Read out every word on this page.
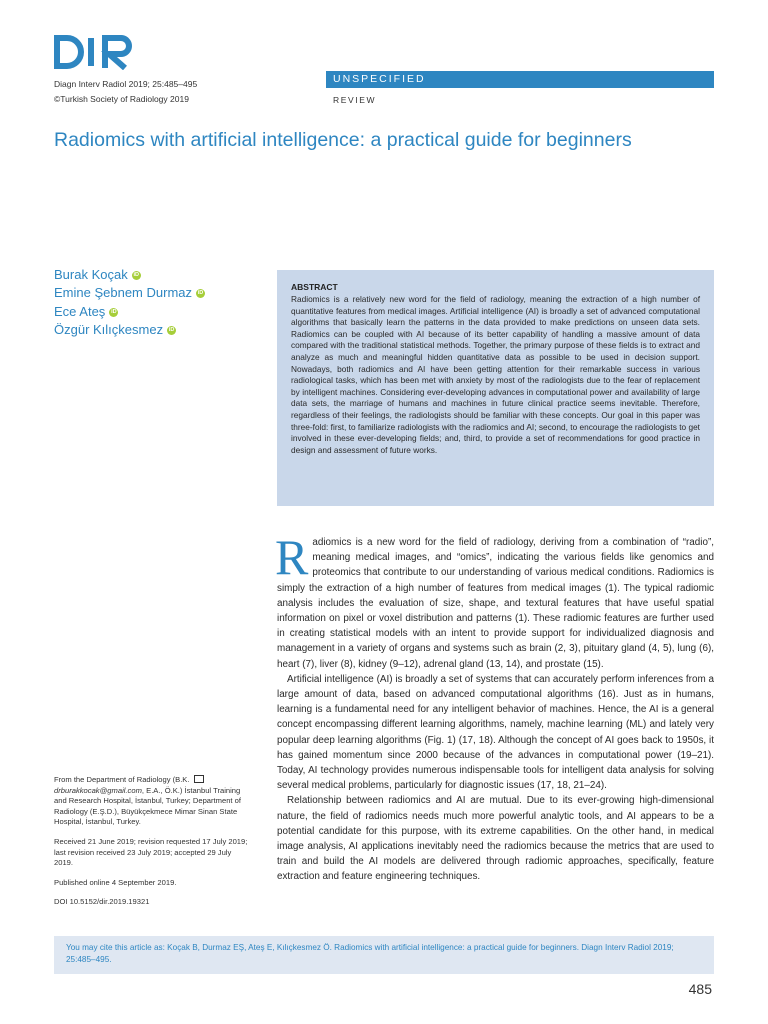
Diagn Interv Radiol 2019; 25:485–495
©Turkish Society of Radiology 2019
UNSPECIFIED
REVIEW
Radiomics with artificial intelligence: a practical guide for beginners
Burak Koçak	iD
Emine Şebnem Durmaz	iD
Ece Ateş	iD
Özgür Kılıçkesmez	iD
ABSTRACT

Radiomics is a relatively new word for the field of radiology, meaning the extraction of a high number of quantitative features from medical images. Artificial intelligence (AI) is broadly a set of advanced computational algorithms that basically learn the patterns in the data provided to make predictions on unseen data sets. Radiomics can be coupled with AI because of its better capability of handling a massive amount of data compared with the traditional statistical methods. Together, the primary purpose of these fields is to extract and analyze as much and meaningful hidden quantitative data as possible to be used in decision support. Nowadays, both radiomics and AI have been getting attention for their remarkable success in various radiological tasks, which has been met with anxiety by most of the radiologists due to the fear of replacement by intelligent machines. Considering ever-developing advances in computational power and availability of large data sets, the marriage of humans and machines in future clinical practice seems inevitable. Therefore, regardless of their feelings, the radiologists should be familiar with these concepts. Our goal in this paper was three-fold: first, to familiarize radiologists with the radiomics and AI; second, to encourage the radiologists to get involved in these ever-developing fields; and, third, to provide a set of recommendations for good practice in design and assessment of future works.

Radiomics is a new word for the field of radiology, deriving from a combination of “radio”, meaning medical images, and “omics”, indicating the various fields like genomics and proteomics that contribute to our understanding of various medical conditions. Radiomics is simply the extraction of a high number of features from medical images (1). The typical radiomic analysis includes the evaluation of size, shape, and textural features that have useful spatial information on pixel or voxel distribution and patterns (1). These radiomic features are further used in creating statistical models with an intent to provide support for individualized diagnosis and management in a variety of organs and systems such as brain (2, 3), pituitary gland (4, 5), lung (6), heart (7), liver (8), kidney (9–12), adrenal gland (13, 14), and prostate (15).

Artificial intelligence (AI) is broadly a set of systems that can accurately perform inferences from a large amount of data, based on advanced computational algorithms (16). Just as in humans, learning is a fundamental need for any intelligent behavior of machines. Hence, the AI is a general concept encompassing different learning algorithms, namely, machine learning (ML) and lately very popular deep learning algorithms (Fig. 1) (17, 18). Although the concept of AI goes back to 1950s, it has gained momentum since 2000 because of the advances in computational power (19–21). Today, AI technology provides numerous indispensable tools for intelligent data analysis for solving several medical problems, particularly for diagnostic issues (17, 18, 21–24).

Relationship between radiomics and AI are mutual. Due to its ever-growing high-dimensional nature, the field of radiomics needs much more powerful analytic tools, and AI appears to be a potential candidate for this purpose, with its extreme capabilities. On the other hand, in medical image analysis, AI applications inevitably need the radiomics because the metrics that are used to train and build the AI models are delivered through radiomic approaches, specifically, feature extraction and feature engineering techniques.

From the Department of Radiology (B.K.
drburakkocak@gmail.com, E.A., Ö.K.) İstanbul Training and Research Hospital, İstanbul, Turkey; Department of Radiology (E.Ş.D.), Büyükçekmece Mimar Sinan State Hospital, İstanbul, Turkey.

Received 21 June 2019; revision requested 17 July 2019; last revision received 23 July 2019; accepted 29 July 2019.

Published online 4 September 2019.

DOI 10.5152/dir.2019.19321

You may cite this article as: Koçak B, Durmaz EŞ, Ateş E, Kılıçkesmez Ö. Radiomics with artificial intelligence: a practical guide for beginners. Diagn Interv Radiol 2019; 25:485–495.
485
